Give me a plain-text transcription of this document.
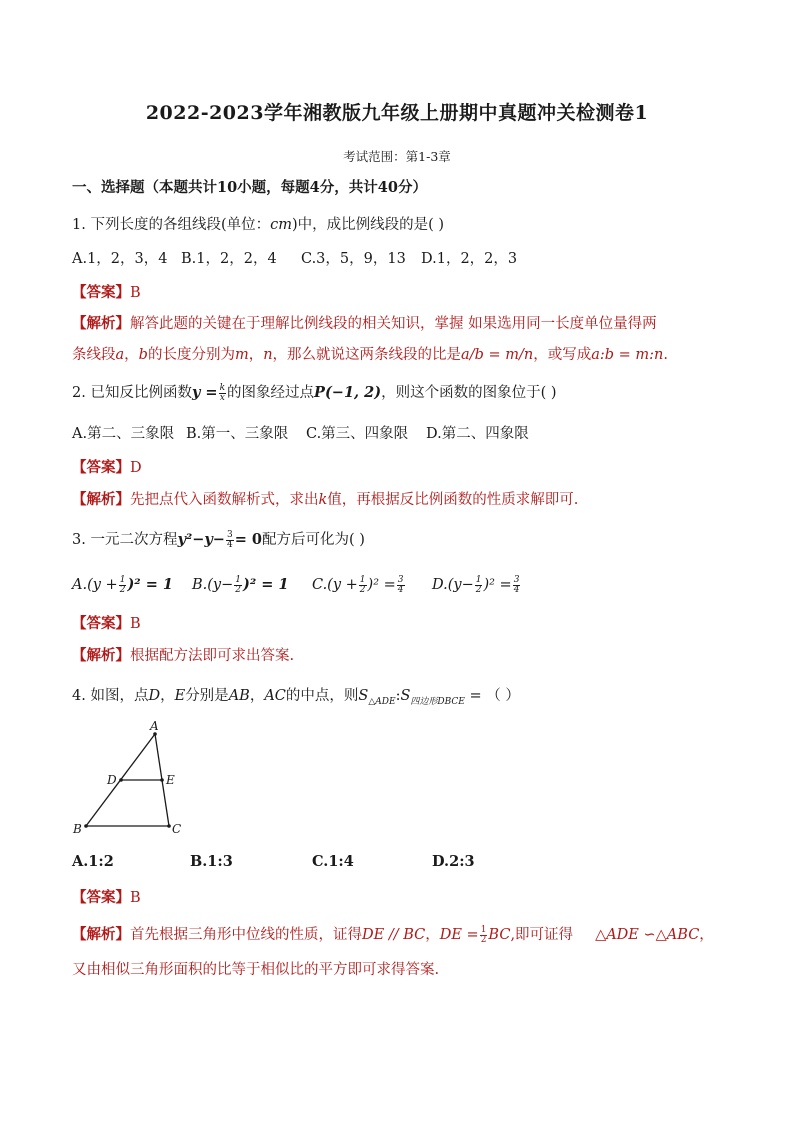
2022-2023学年湘教版九年级上册期中真题冲关检测卷1
考试范围：第1-3章
一、选择题（本题共计10小题，每题4分，共计40分）
1. 下列长度的各组线段(单位：cm)中，成比例线段的是( )
A.1，2，3，4 B.1，2，2，4 C.3，5，9，13 D.1，2，2，3
【答案】B
【解析】解答此题的关键在于理解比例线段的相关知识，掌握 如果选用同一长度单位量得两
条线段a，b的长度分别为m，n，那么就说这两条线段的比是a/b = m/n，或写成a:b = m:n.
2. 已知反比例函数$y = \frac{k}{x}$ 的图象经过点P(−1, 2)，则这个函数的图象位于( )
A.第二、三象限 B.第一、三象限 C.第三、四象限 D.第二、四象限
【答案】D
【解析】先把点代入函数解析式，求出k值，再根据反比例函数的性质求解即可.
3. 一元二次方程$y^2-y- \frac{3}{4} = 0$配方后可化为( )
$A.(y + \frac{1}{2} )^2 = 1$ $B.(y- \frac{1}{2} )^2 = 1$ $C.(y + \frac{1}{2} )^2 = \frac{3}{4} D.(y- \frac{1}{2} )^2 = \frac{3}{4}$
【答案】B
【解析】根据配方法即可求出答案.
4. 如图，点D，E分别是AB，AC的中点，则$S_{\triangle ADE}:S_{四边形DBCE}$ = （ ）
A
D	E
B	C
A.1:2	B.1:3	C.1:4	D.2:3
【答案】B
【解析】首先根据三角形中位线的性质，证得DE // BC，DE = $\frac{1}{2}$ BC,即可证得 △ADE ∽△ABC，
又由相似三角形面积的比等于相似比的平方即可求得答案.
